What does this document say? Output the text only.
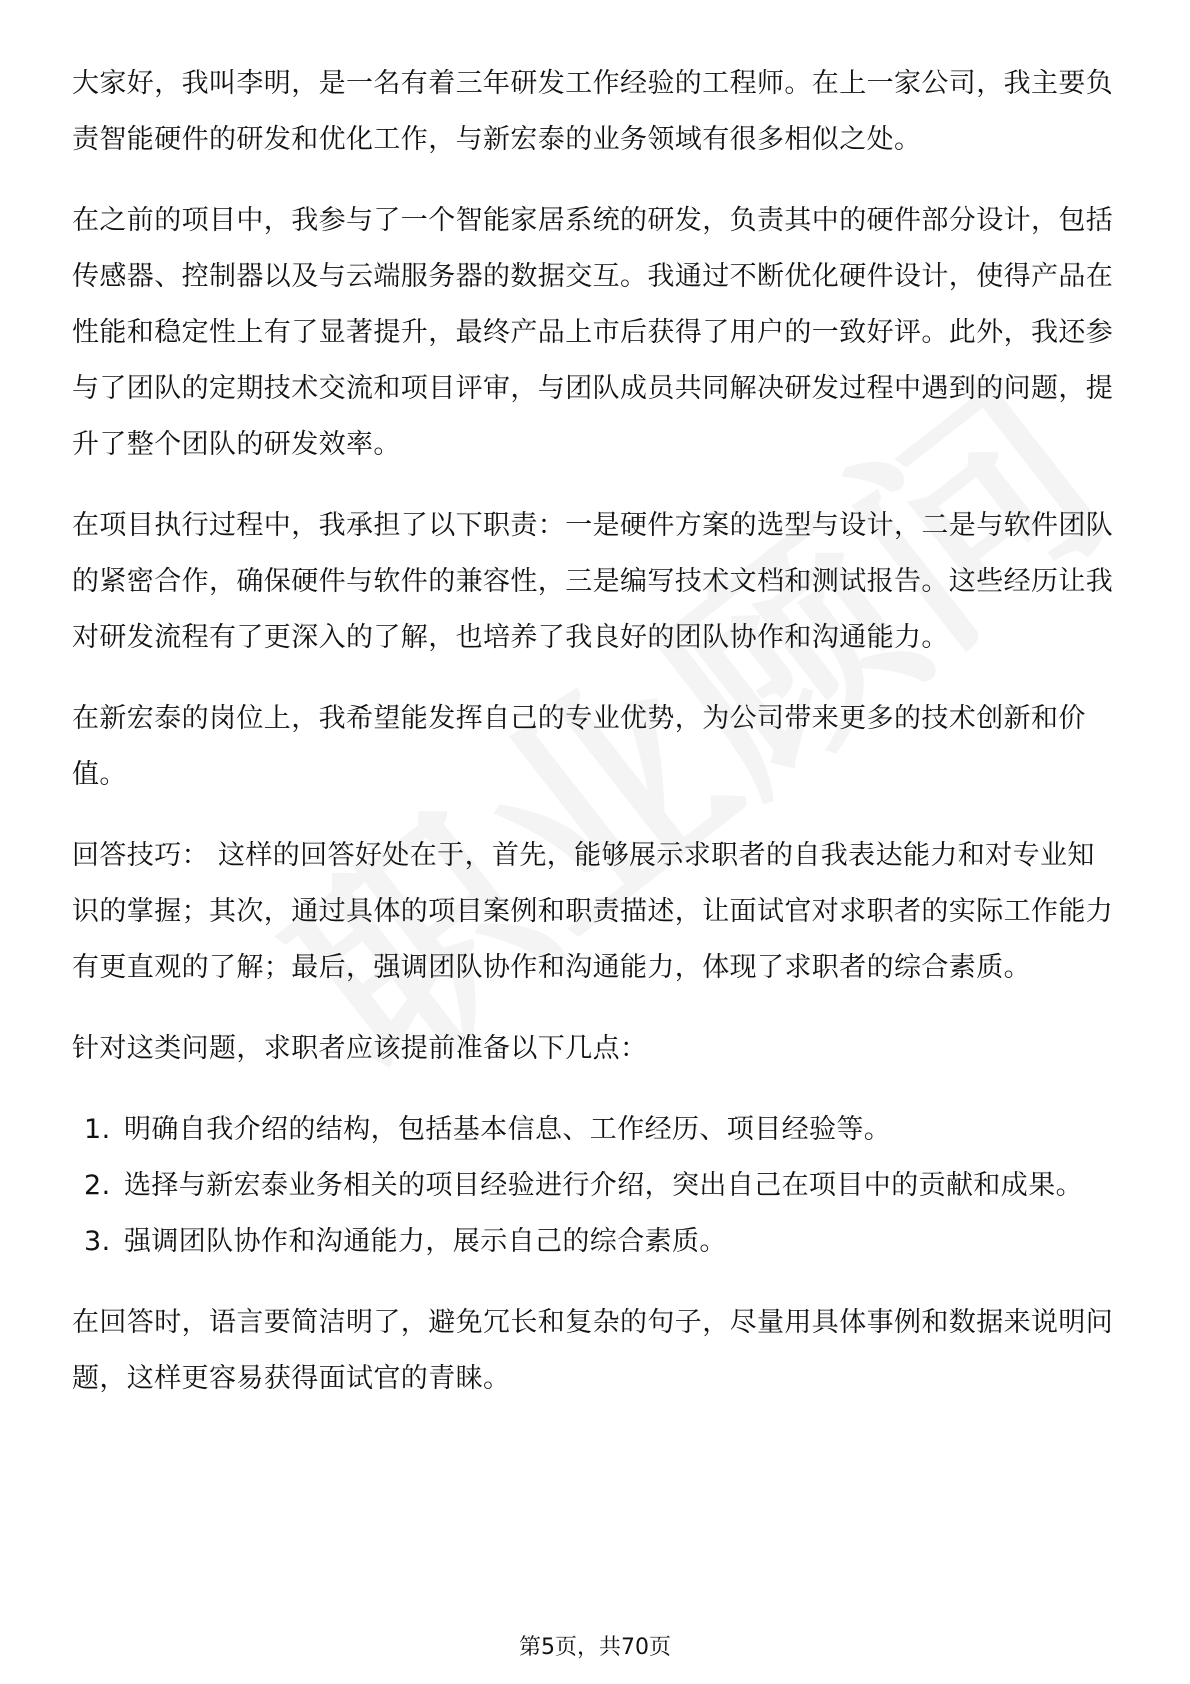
大家好，我叫李明，是一名有着三年研发工作经验的工程师。在上一家公司，我主要负责智能硬件的研发和优化工作，与新宏泰的业务领域有很多相似之处。

在之前的项目中，我参与了一个智能家居系统的研发，负责其中的硬件部分设计，包括传感器、控制器以及与云端服务器的数据交互。我通过不断优化硬件设计，使得产品在性能和稳定性上有了显著提升，最终产品上市后获得了用户的一致好评。此外，我还参与了团队的定期技术交流和项目评审，与团队成员共同解决研发过程中遇到的问题，提升了整个团队的研发效率。

在项目执行过程中，我承担了以下职责：一是硬件方案的选型与设计，二是与软件团队的紧密合作，确保硬件与软件的兼容性，三是编写技术文档和测试报告。这些经历让我对研发流程有了更深入的了解，也培养了我良好的团队协作和沟通能力。

在新宏泰的岗位上，我希望能发挥自己的专业优势，为公司带来更多的技术创新和价值。

回答技巧： 这样的回答好处在于，首先，能够展示求职者的自我表达能力和对专业知识的掌握；其次，通过具体的项目案例和职责描述，让面试官对求职者的实际工作能力有更直观的了解；最后，强调团队协作和沟通能力，体现了求职者的综合素质。

针对这类问题，求职者应该提前准备以下几点：

1. 明确自我介绍的结构，包括基本信息、工作经历、项目经验等。
2. 选择与新宏泰业务相关的项目经验进行介绍，突出自己在项目中的贡献和成果。
3. 强调团队协作和沟通能力，展示自己的综合素质。

在回答时，语言要简洁明了，避免冗长和复杂的句子，尽量用具体事例和数据来说明问题，这样更容易获得面试官的青睐。

第5页，共70页
